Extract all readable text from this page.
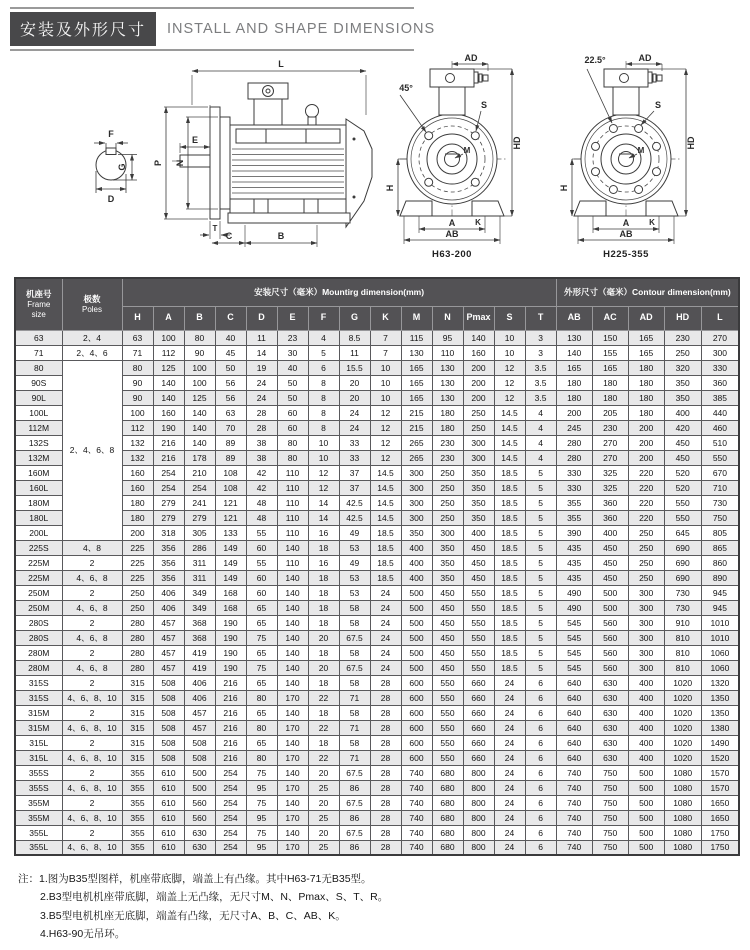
安装及外形尺寸	INSTALL AND SHAPE DIMENSIONS
F
G
D
L
E
P N
T
C	B
45°
AD
HD
H
S
M
A
AB
K
H63-200
22.5°	AD
HD
H
S
M
A
AB
K
H225-355
机座号
Frame
size	极数
Poles	安装尺寸（毫米）Mountirg dimension(mm)														外形尺寸（毫米）Contour dimension(mm)				
		H	A	B	C	D	E	F	G	K	M	N	Pmax	S	T	AB	AC	AD	HD	L
63	2、4	63	100	80	40	11	23	4	8.5	7	115	95	140	10	3	130	150	165	230	270
71	2、4、6	71	112	90	45	14	30	5	11	7	130	110	160	10	3	140	155	165	250	300
80	2、4、6、8	80	125	100	50	19	40	6	15.5	10	165	130	200	12	3.5	165	165	180	320	330
90S		90	140	100	56	24	50	8	20	10	165	130	200	12	3.5	180	180	180	350	360
90L		90	140	125	56	24	50	8	20	10	165	130	200	12	3.5	180	180	180	350	385
100L		100	160	140	63	28	60	8	24	12	215	180	250	14.5	4	200	205	180	400	440
112M		112	190	140	70	28	60	8	24	12	215	180	250	14.5	4	245	230	200	420	460
132S		132	216	140	89	38	80	10	33	12	265	230	300	14.5	4	280	270	200	450	510
132M		132	216	178	89	38	80	10	33	12	265	230	300	14.5	4	280	270	200	450	550
160M		160	254	210	108	42	110	12	37	14.5	300	250	350	18.5	5	330	325	220	520	670
160L		160	254	254	108	42	110	12	37	14.5	300	250	350	18.5	5	330	325	220	520	710
180M		180	279	241	121	48	110	14	42.5	14.5	300	250	350	18.5	5	355	360	220	550	730
180L		180	279	279	121	48	110	14	42.5	14.5	300	250	350	18.5	5	355	360	220	550	750
200L		200	318	305	133	55	110	16	49	18.5	350	300	400	18.5	5	390	400	250	645	805
225S	4、8	225	356	286	149	60	140	18	53	18.5	400	350	450	18.5	5	435	450	250	690	865
225M	2	225	356	311	149	55	110	16	49	18.5	400	350	450	18.5	5	435	450	250	690	860
225M	4、6、8	225	356	311	149	60	140	18	53	18.5	400	350	450	18.5	5	435	450	250	690	890
250M	2	250	406	349	168	60	140	18	53	24	500	450	550	18.5	5	490	500	300	730	945
250M	4、6、8	250	406	349	168	65	140	18	58	24	500	450	550	18.5	5	490	500	300	730	945
280S	2	280	457	368	190	65	140	18	58	24	500	450	550	18.5	5	545	560	300	910	1010
280S	4、6、8	280	457	368	190	75	140	20	67.5	24	500	450	550	18.5	5	545	560	300	810	1010
280M	2	280	457	419	190	65	140	18	58	24	500	450	550	18.5	5	545	560	300	810	1060
280M	4、6、8	280	457	419	190	75	140	20	67.5	24	500	450	550	18.5	5	545	560	300	810	1060
315S	2	315	508	406	216	65	140	18	58	28	600	550	660	24	6	640	630	400	1020	1320
315S	4、6、8、10	315	508	406	216	80	170	22	71	28	600	550	660	24	6	640	630	400	1020	1350
315M	2	315	508	457	216	65	140	18	58	28	600	550	660	24	6	640	630	400	1020	1350
315M	4、6、8、10	315	508	457	216	80	170	22	71	28	600	550	660	24	6	640	630	400	1020	1380
315L	2	315	508	508	216	65	140	18	58	28	600	550	660	24	6	640	630	400	1020	1490
315L	4、6、8、10	315	508	508	216	80	170	22	71	28	600	550	660	24	6	640	630	400	1020	1520
355S	2	355	610	500	254	75	140	20	67.5	28	740	680	800	24	6	740	750	500	1080	1570
355S	4、6、8、10	355	610	500	254	95	170	25	86	28	740	680	800	24	6	740	750	500	1080	1570
355M	2	355	610	560	254	75	140	20	67.5	28	740	680	800	24	6	740	750	500	1080	1650
355M	4、6、8、10	355	610	560	254	95	170	25	86	28	740	680	800	24	6	740	750	500	1080	1650
355L	2	355	610	630	254	75	140	20	67.5	28	740	680	800	24	6	740	750	500	1080	1750
355L	4、6、8、10	355	610	630	254	95	170	25	86	28	740	680	800	24	6	740	750	500	1080	1750
注：1.图为B35型图样，机座带底脚，端盖上有凸缘。其中H63-71无B35型。
2.B3型电机机座带底脚，端盖上无凸缘，无尺寸M、N、Pmax、S、T、R。
3.B5型电机机座无底脚，端盖有凸缘，无尺寸A、B、C、AB、K。
4.H63-90无吊环。
